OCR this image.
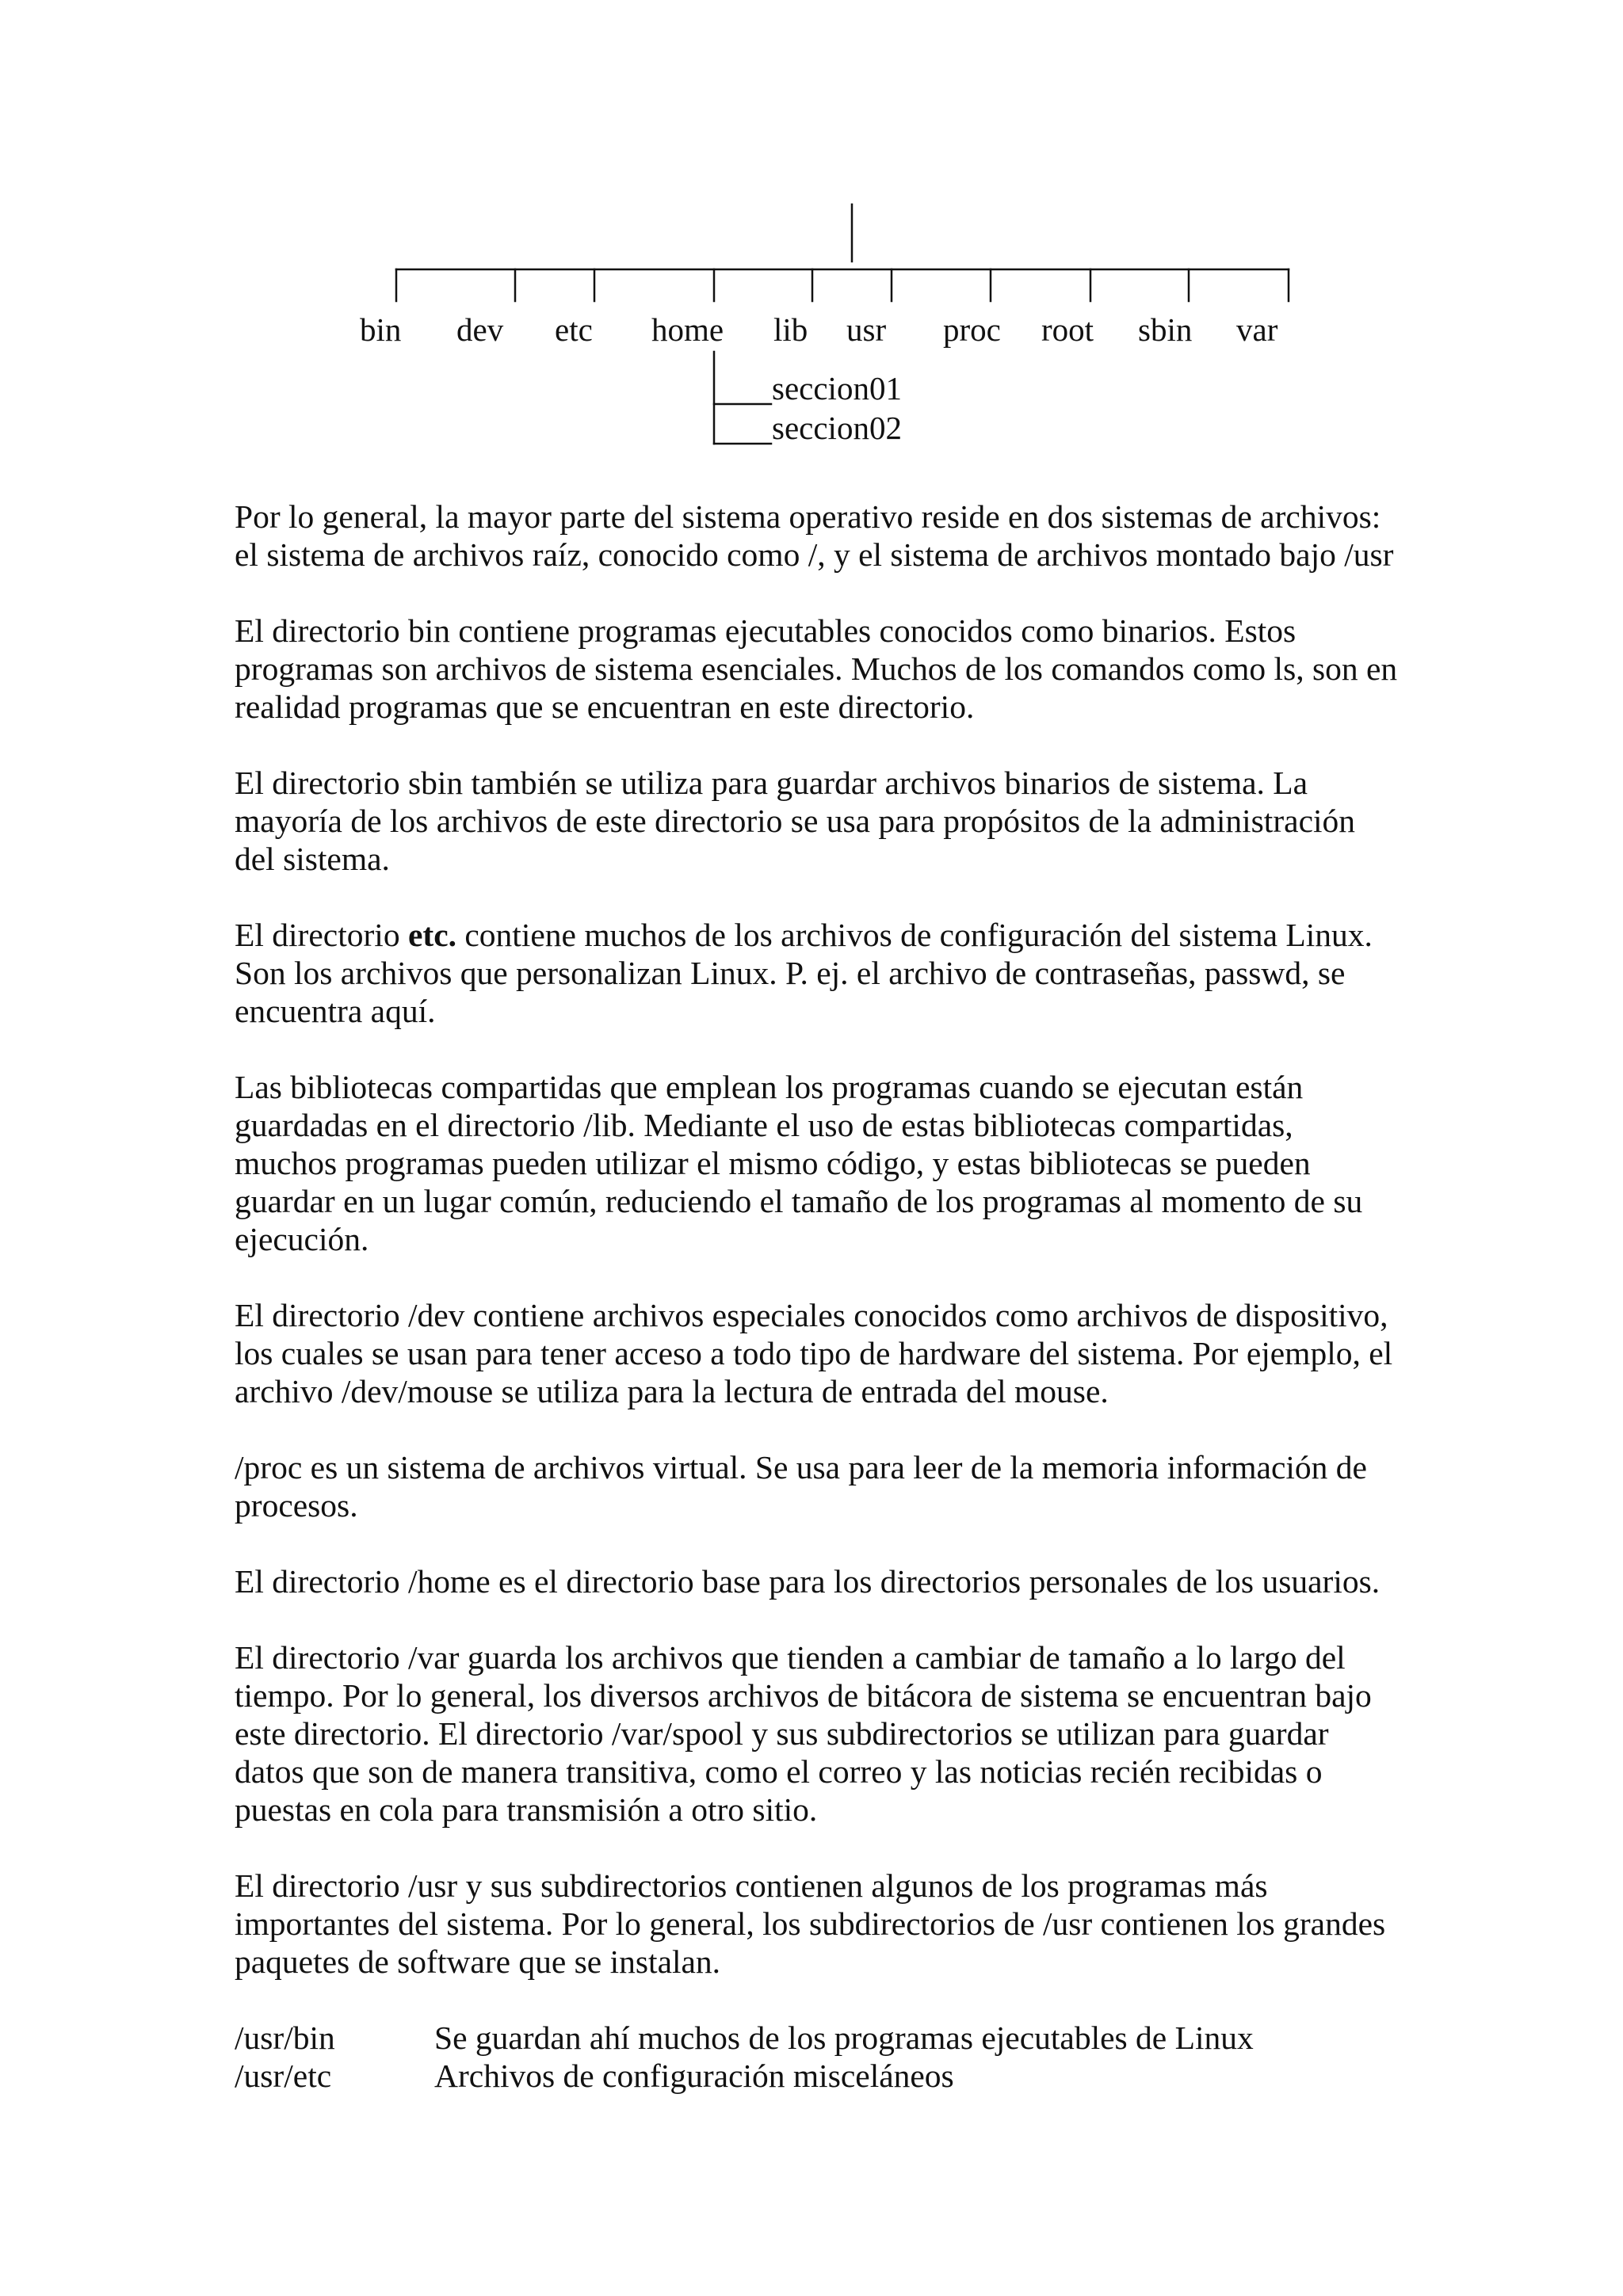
bin dev etc home lib usr proc root sbin var
seccion01
seccion02

Por lo general, la mayor parte del sistema operativo reside en dos sistemas de archivos:
el sistema de archivos raíz, conocido como /, y el sistema de archivos montado bajo /usr

El directorio bin contiene programas ejecutables conocidos como binarios. Estos
programas son archivos de sistema esenciales. Muchos de los comandos como ls, son en
realidad programas que se encuentran en este directorio.

El directorio sbin también se utiliza para guardar archivos binarios de sistema. La
mayoría de los archivos de este directorio se usa para propósitos de la administración
del sistema.

El directorio etc. contiene muchos de los archivos de configuración del sistema Linux.
Son los archivos que personalizan Linux. P. ej. el archivo de contraseñas, passwd, se
encuentra aquí.

Las bibliotecas compartidas que emplean los programas cuando se ejecutan están
guardadas en el directorio /lib. Mediante el uso de estas bibliotecas compartidas,
muchos programas pueden utilizar el mismo código, y estas bibliotecas se pueden
guardar en un lugar común, reduciendo el tamaño de los programas al momento de su
ejecución.

El directorio /dev contiene archivos especiales conocidos como archivos de dispositivo,
los cuales se usan para tener acceso a todo tipo de hardware del sistema. Por ejemplo, el
archivo /dev/mouse se utiliza para la lectura de entrada del mouse.

/proc es un sistema de archivos virtual. Se usa para leer de la memoria información de
procesos.

El directorio /home es el directorio base para los directorios personales de los usuarios.

El directorio /var guarda los archivos que tienden a cambiar de tamaño a lo largo del
tiempo. Por lo general, los diversos archivos de bitácora de sistema se encuentran bajo
este directorio. El directorio /var/spool y sus subdirectorios se utilizan para guardar
datos que son de manera transitiva, como el correo y las noticias recién recibidas o
puestas en cola para transmisión a otro sitio.

El directorio /usr y sus subdirectorios contienen algunos de los programas más
importantes del sistema. Por lo general, los subdirectorios de /usr contienen los grandes
paquetes de software que se instalan.

/usr/bin	Se guardan ahí muchos de los programas ejecutables de Linux
/usr/etc	Archivos de configuración misceláneos
